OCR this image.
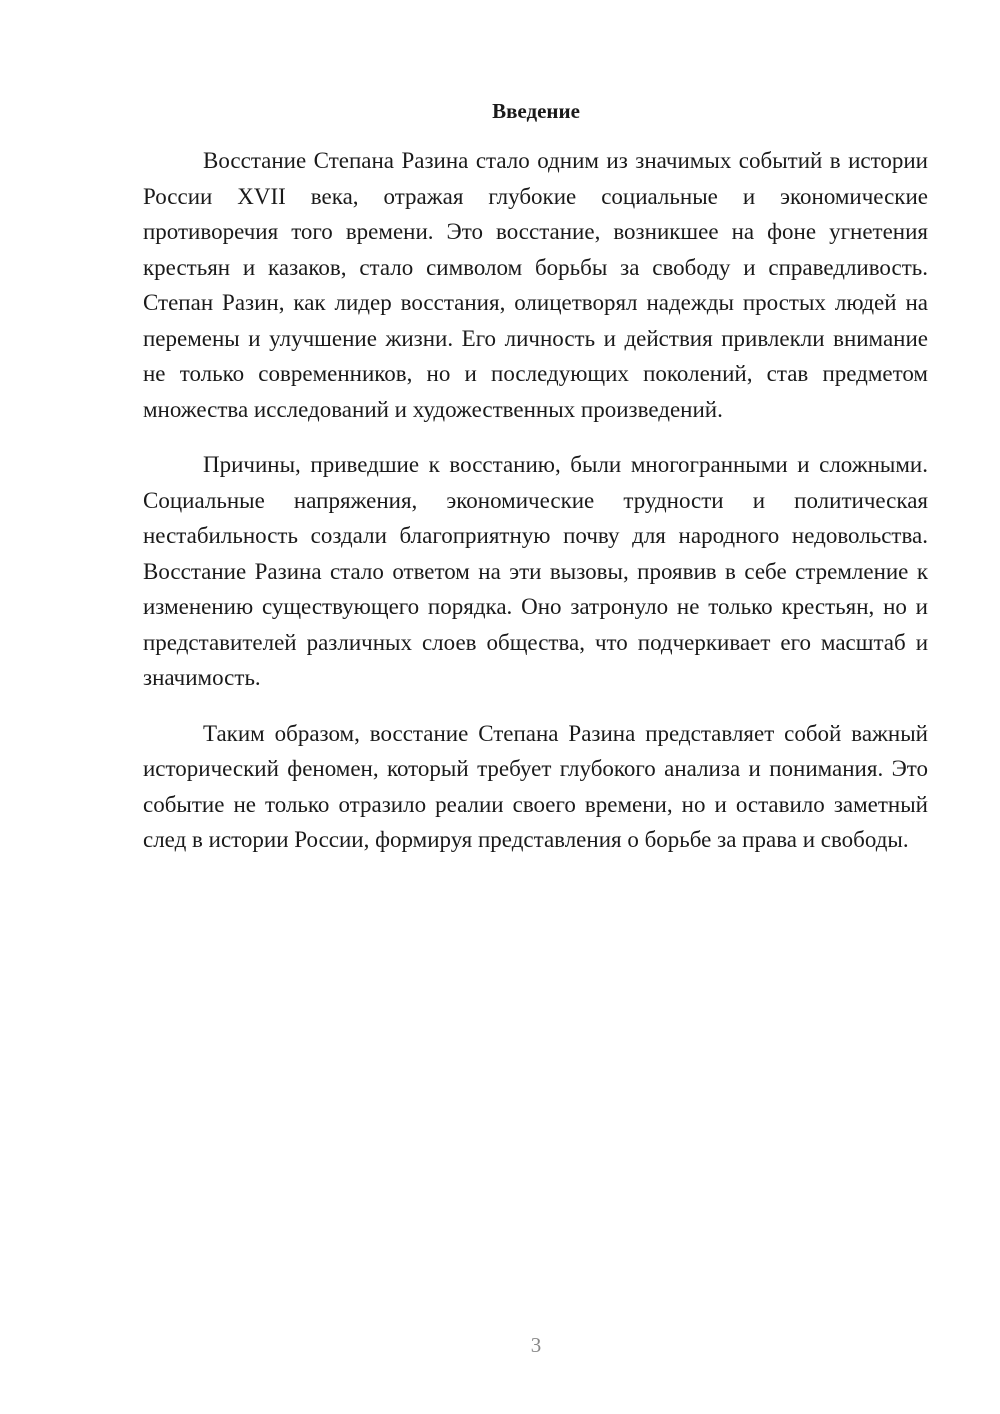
Введение

Восстание Степана Разина стало одним из значимых событий в истории России XVII века, отражая глубокие социальные и экономические противоречия того времени. Это восстание, возникшее на фоне угнетения крестьян и казаков, стало символом борьбы за свободу и справедливость. Степан Разин, как лидер восстания, олицетворял надежды простых людей на перемены и улучшение жизни. Его личность и действия привлекли внимание не только современников, но и последующих поколений, став предметом множества исследований и художественных произведений.

Причины, приведшие к восстанию, были многогранными и сложными. Социальные напряжения, экономические трудности и политическая нестабильность создали благоприятную почву для народного недовольства. Восстание Разина стало ответом на эти вызовы, проявив в себе стремление к изменению существующего порядка. Оно затронуло не только крестьян, но и представителей различных слоев общества, что подчеркивает его масштаб и значимость.

Таким образом, восстание Степана Разина представляет собой важный исторический феномен, который требует глубокого анализа и понимания. Это событие не только отразило реалии своего времени, но и оставило заметный след в истории России, формируя представления о борьбе за права и свободы.

3
